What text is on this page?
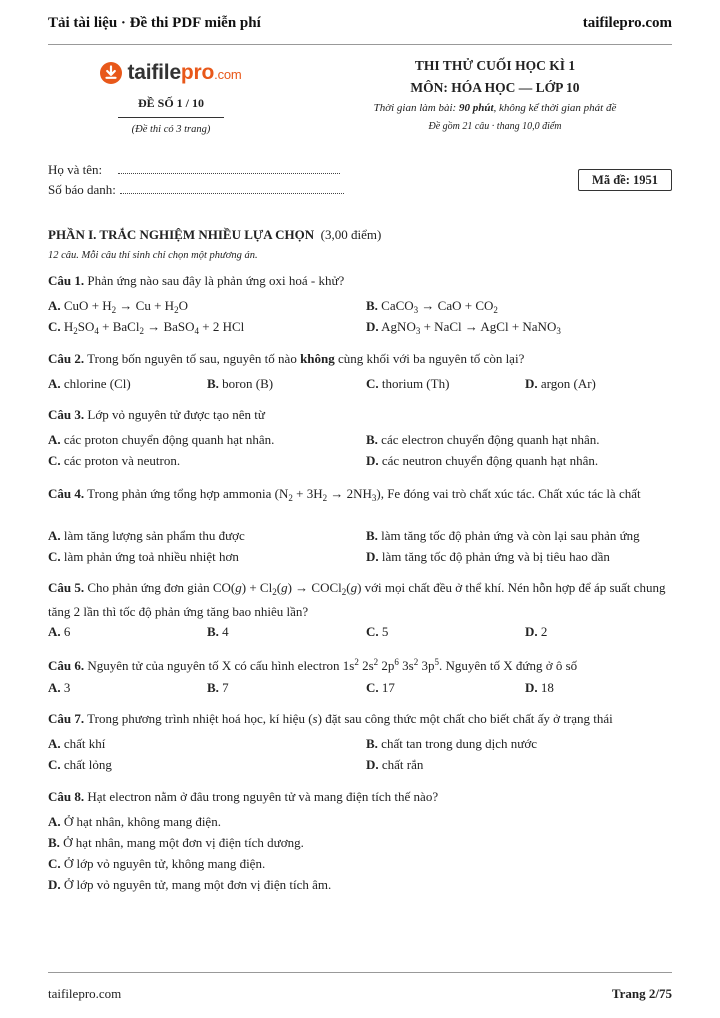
Tải tài liệu · Đề thi PDF miễn phí	taifilepro.com
taifilepro.com
ĐỀ SỐ 1 / 10
(Đề thi có 3 trang)
THI THỬ CUỐI HỌC KÌ 1
MÔN: HÓA HỌC — LỚP 10
Thời gian làm bài: 90 phút, không kể thời gian phát đề
Đề gồm 21 câu · thang 10,0 điểm
Họ và tên:
Số báo danh:
Mã đề: 1951
PHẦN I. TRẮC NGHIỆM NHIỀU LỰA CHỌN (3,00 điểm)
12 câu. Mỗi câu thí sinh chỉ chọn một phương án.
Câu 1. Phản ứng nào sau đây là phản ứng oxi hoá - khử?
A. CuO + $H_2 \to Cu + H_2O$	B. CaCO$_3$ → CaO + $CO_2$
C. $H_2SO_4$ + BaCl$_2$ → BaSO$_4$ + 2 HCl	D. AgNO$_3$ + NaCl → AgCl + NaNO$_3$
Câu 2. Trong bốn nguyên tố sau, nguyên tố nào không cùng khối với ba nguyên tố còn lại?
A. chlorine (Cl)	B. boron (B)	C. thorium (Th)	D. argon (Ar)
Câu 3. Lớp vỏ nguyên tử được tạo nên từ
A. các proton chuyển động quanh hạt nhân.	B. các electron chuyển động quanh hạt nhân.
C. các proton và neutron.	D. các neutron chuyển động quanh hạt nhân.
Câu 4. Trong phản ứng tổng hợp ammonia $(N_2 + 3H_2 \to 2NH_3)$, Fe đóng vai trò chất xúc tác. Chất xúc tác là chất
A. làm tăng lượng sản phẩm thu được	B. làm tăng tốc độ phản ứng và còn lại sau phản ứng
C. làm phản ứng toả nhiều nhiệt hơn	D. làm tăng tốc độ phản ứng và bị tiêu hao dần
Câu 5. Cho phản ứng đơn giản $CO(g) + Cl_2(g)$ → COCl$_2$(g) với mọi chất đều ở thể khí. Nén hỗn hợp để áp suất chung tăng 2 lần thì tốc độ phản ứng tăng bao nhiêu lần?
A. 6	B. 4	C. 5	D. 2
Câu 6. Nguyên tử của nguyên tố X có cấu hình electron $1s^2$ $2s^2$ $2p^6$ $3s^2$ $3p^5$. Nguyên tố X đứng ở ô số
A. 3	B. 7	C. 17	D. 18
Câu 7. Trong phương trình nhiệt hoá học, kí hiệu (s) đặt sau công thức một chất cho biết chất ấy ở trạng thái
A. chất khí	B. chất tan trong dung dịch nước
C. chất lỏng	D. chất rắn
Câu 8. Hạt electron nằm ở đâu trong nguyên tử và mang điện tích thế nào?
A. Ở hạt nhân, không mang điện.
B. Ở hạt nhân, mang một đơn vị điện tích dương.
C. Ở lớp vỏ nguyên tử, không mang điện.
D. Ở lớp vỏ nguyên tử, mang một đơn vị điện tích âm.
taifilepro.com	Trang 2/75
